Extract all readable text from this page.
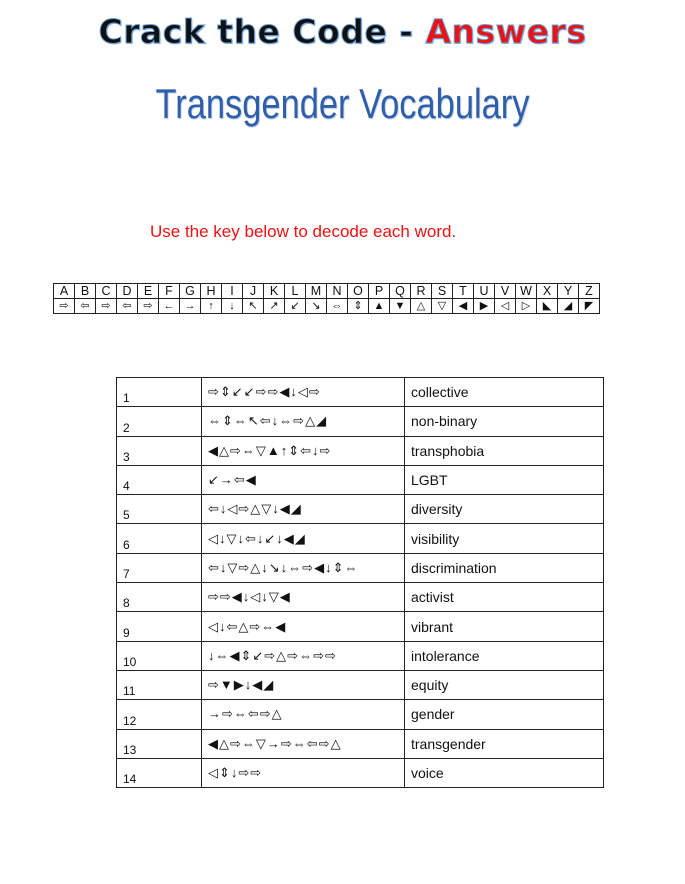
Crack the Code - Answers
Transgender Vocabulary
Use the key below to decode each word.
A	B	C	D	E	F	G	H	I	J	K	L	M	N	O	P	Q	R	S	T	U	V	W	X	Y	Z
⇨	⇦	⇨	⇦	⇨	←	→	↑	↓	↖	↗	↙	↘	⇔	⇕	▲	▼	△	▽	◀	▶	◁	▷	◣	◢	◤
1	⇨⇕↙↙⇨⇨◀↓◁⇨	collective
2	⇔⇕⇔↖⇦↓⇔⇨△◢	non-binary
3	◀△⇨⇔▽▲↑⇕⇦↓⇨	transphobia
4	↙→⇦◀	LGBT
5	⇦↓◁⇨△▽↓◀◢	diversity
6	◁↓▽↓⇦↓↙↓◀◢	visibility
7	⇦↓▽⇨△↓↘↓⇔⇨◀↓⇕⇔	discrimination
8	⇨⇨◀↓◁↓▽◀	activist
9	◁↓⇦△⇨⇔◀	vibrant
10	↓⇔◀⇕↙⇨△⇨⇔⇨⇨	intolerance
11	⇨▼▶↓◀◢	equity
12	→⇨⇔⇦⇨△	gender
13	◀△⇨⇔▽→⇨⇔⇦⇨△	transgender
14	◁⇕↓⇨⇨	voice
